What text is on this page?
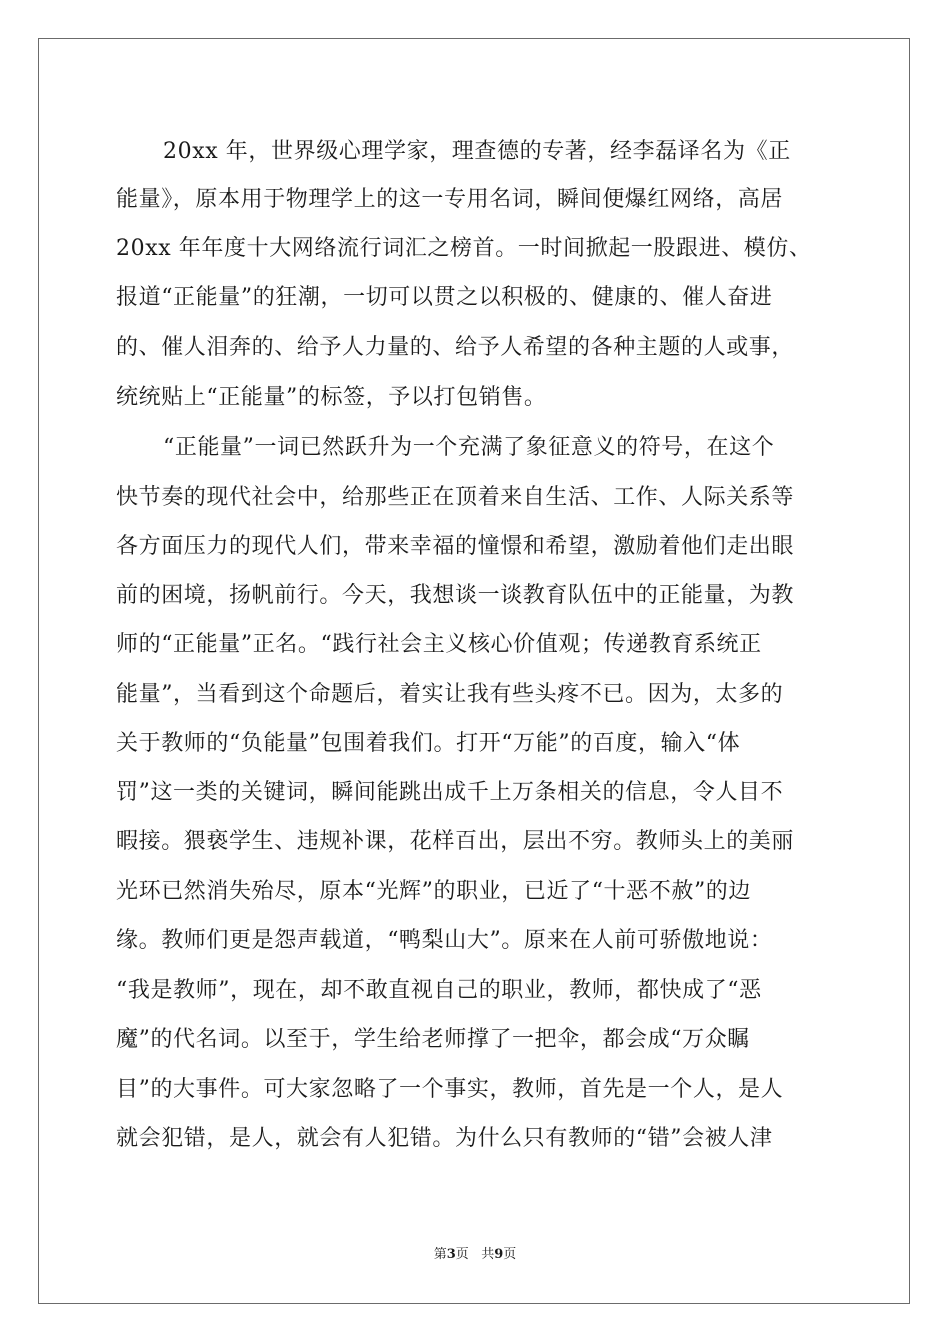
20xx 年，世界级心理学家，理查德的专著，经李磊译名为《正
能量》，原本用于物理学上的这一专用名词，瞬间便爆红网络，高居
20xx 年年度十大网络流行词汇之榜首。一时间掀起一股跟进、模仿、
报道“正能量”的狂潮，一切可以贯之以积极的、健康的、催人奋进
的、催人泪奔的、给予人力量的、给予人希望的各种主题的人或事，
统统贴上“正能量”的标签，予以打包销售。
“正能量”一词已然跃升为一个充满了象征意义的符号，在这个
快节奏的现代社会中，给那些正在顶着来自生活、工作、人际关系等
各方面压力的现代人们，带来幸福的憧憬和希望，激励着他们走出眼
前的困境，扬帆前行。今天，我想谈一谈教育队伍中的正能量，为教
师的“正能量”正名。“践行社会主义核心价值观；传递教育系统正
能量”，当看到这个命题后，着实让我有些头疼不已。因为，太多的
关于教师的“负能量”包围着我们。打开“万能”的百度，输入“体
罚”这一类的关键词，瞬间能跳出成千上万条相关的信息，令人目不
暇接。猥亵学生、违规补课，花样百出，层出不穷。教师头上的美丽
光环已然消失殆尽，原本“光辉”的职业，已近了“十恶不赦”的边
缘。教师们更是怨声载道，“鸭梨山大”。原来在人前可骄傲地说：
“我是教师”，现在，却不敢直视自己的职业，教师，都快成了“恶
魔”的代名词。以至于，学生给老师撑了一把伞，都会成“万众瞩
目”的大事件。可大家忽略了一个事实，教师，首先是一个人，是人
就会犯错，是人，就会有人犯错。为什么只有教师的“错”会被人津
第3页 共9页
